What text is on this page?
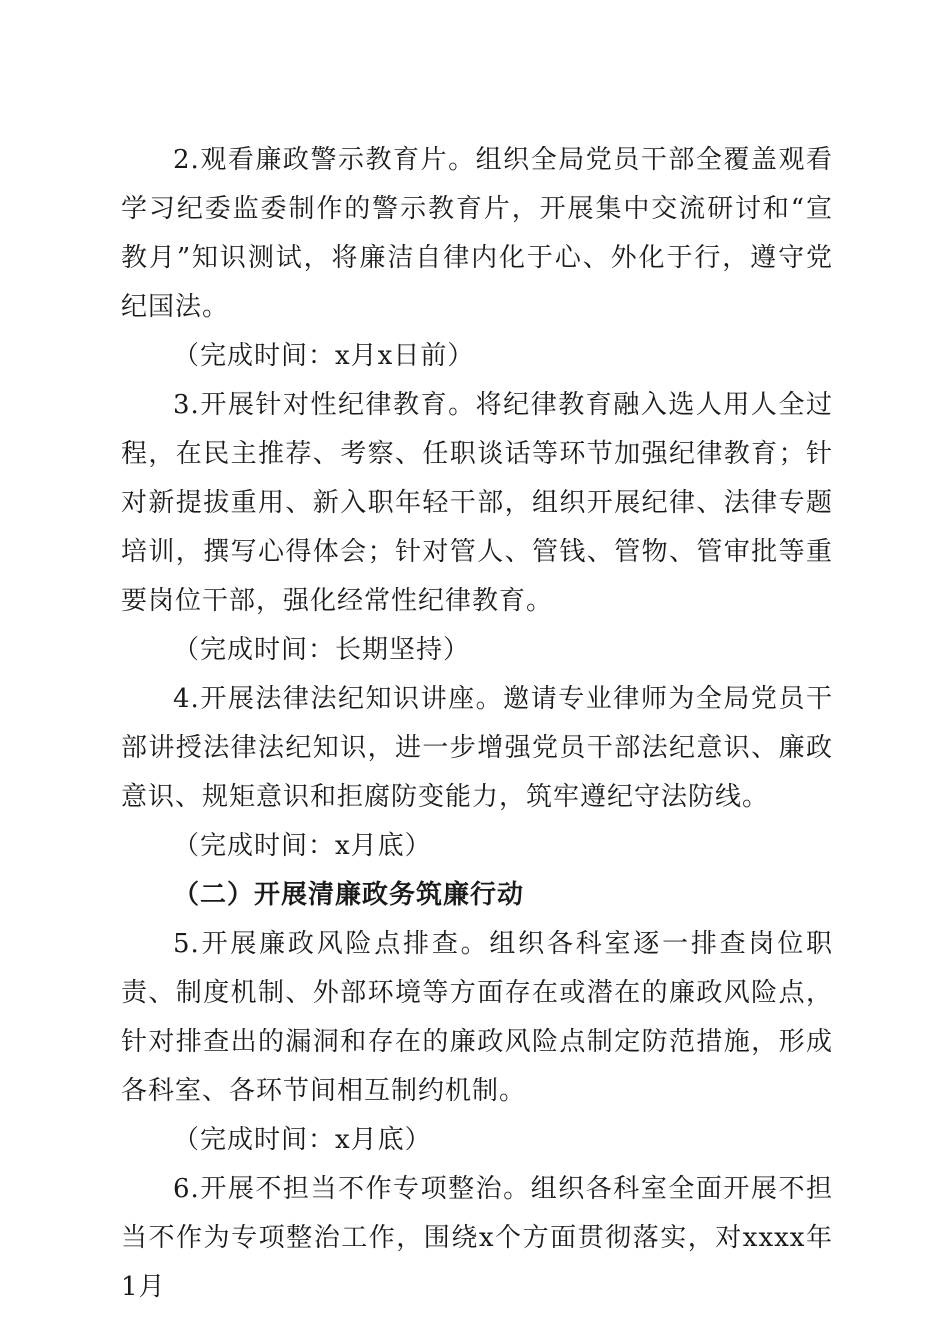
2.观看廉政警示教育片。组织全局党员干部全覆盖观看学习纪委监委制作的警示教育片，开展集中交流研讨和“宣教月”知识测试，将廉洁自律内化于心、外化于行，遵守党纪国法。

（完成时间：x月x日前）

3.开展针对性纪律教育。将纪律教育融入选人用人全过程，在民主推荐、考察、任职谈话等环节加强纪律教育；针对新提拔重用、新入职年轻干部，组织开展纪律、法律专题培训，撰写心得体会；针对管人、管钱、管物、管审批等重要岗位干部，强化经常性纪律教育。

（完成时间：长期坚持）

4.开展法律法纪知识讲座。邀请专业律师为全局党员干部讲授法律法纪知识，进一步增强党员干部法纪意识、廉政意识、规矩意识和拒腐防变能力，筑牢遵纪守法防线。

（完成时间：x月底）

（二）开展清廉政务筑廉行动

5.开展廉政风险点排查。组织各科室逐一排查岗位职责、制度机制、外部环境等方面存在或潜在的廉政风险点，针对排查出的漏洞和存在的廉政风险点制定防范措施，形成各科室、各环节间相互制约机制。

（完成时间：x月底）

6.开展不担当不作专项整治。组织各科室全面开展不担当不作为专项整治工作，围绕x个方面贯彻落实，对xxxx年1月
